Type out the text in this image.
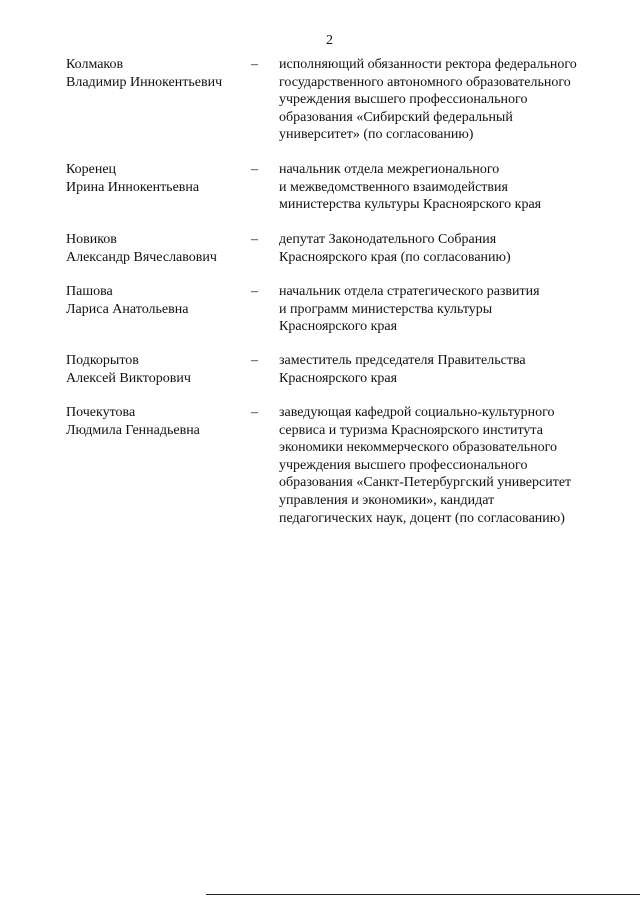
2
Колмаков
Владимир Иннокентьевич
– исполняющий обязанности ректора федерального
государственного автономного образовательного
учреждения высшего профессионального
образования «Сибирский федеральный
университет» (по согласованию)
Коренец
Ирина Иннокентьевна
– начальник отдела межрегионального
и межведомственного взаимодействия
министерства культуры Красноярского края
Новиков
Александр Вячеславович
– депутат Законодательного Собрания
Красноярского края (по согласованию)
Пашова
Лариса Анатольевна
– начальник отдела стратегического развития
и программ министерства культуры
Красноярского края
Подкорытов
Алексей Викторович
– заместитель председателя Правительства
Красноярского края
Почекутова
Людмила Геннадьевна
– заведующая кафедрой социально-культурного
сервиса и туризма Красноярского института
экономики некоммерческого образовательного
учреждения высшего профессионального
образования «Санкт-Петербургский университет
управления и экономики», кандидат
педагогических наук, доцент (по согласованию)
